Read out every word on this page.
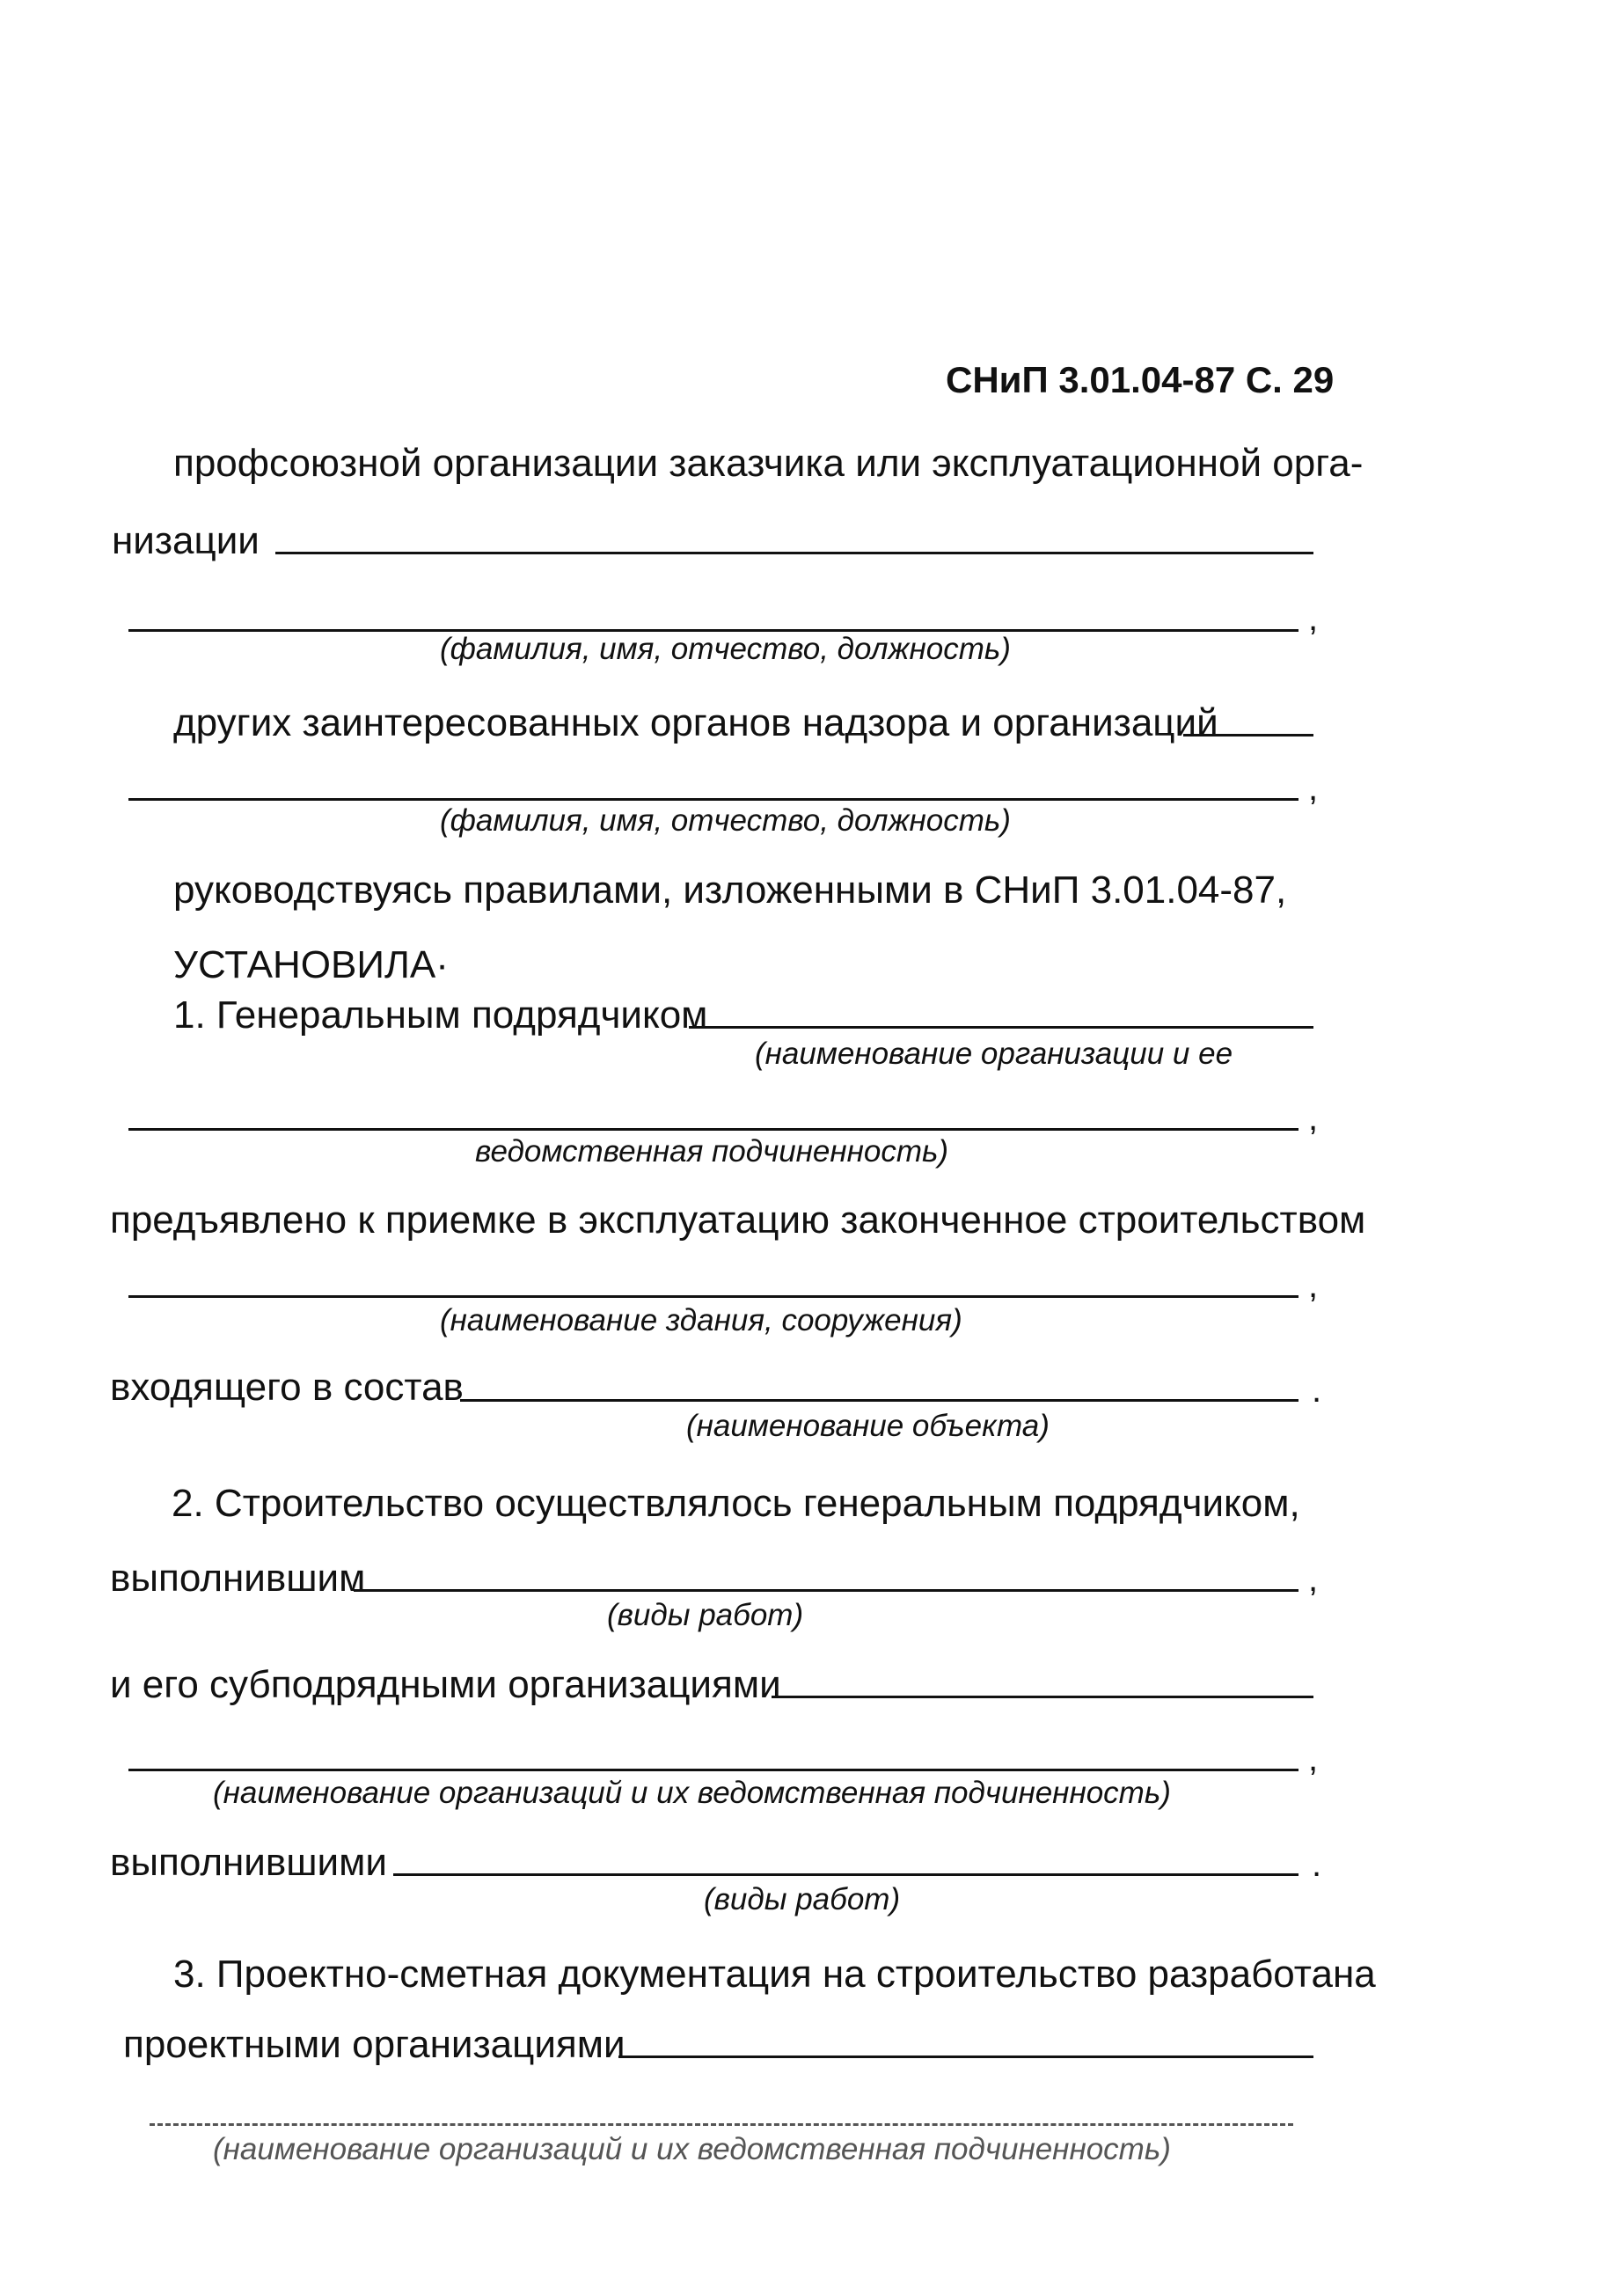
СНиП 3.01.04-87 С. 29
профсоюзной организации заказчика или эксплуатационной орга-
низации
,
(фамилия, имя, отчество, должность)
других заинтересованных органов надзора и организаций
,
(фамилия, имя, отчество, должность)
руководствуясь правилами, изложенными в СНиП 3.01.04-87,
УСТАНОВИЛА·
1. Генеральным подрядчиком
(наименование организации и ее
,
ведомственная подчиненность)
предъявлено к приемке в эксплуатацию законченное строительством
,
(наименование здания, сооружения)
входящего в состав	.
(наименование объекта)
2. Строительство осуществлялось генеральным подрядчиком,
выполнившим	,
(виды работ)
и его субподрядными организациями
,
(наименование организаций и их ведомственная подчиненность)
выполнившими	.
(виды работ)
3. Проектно-сметная документация на строительство разработана
проектными организациями
(наименование организаций и их ведомственная подчиненность)
